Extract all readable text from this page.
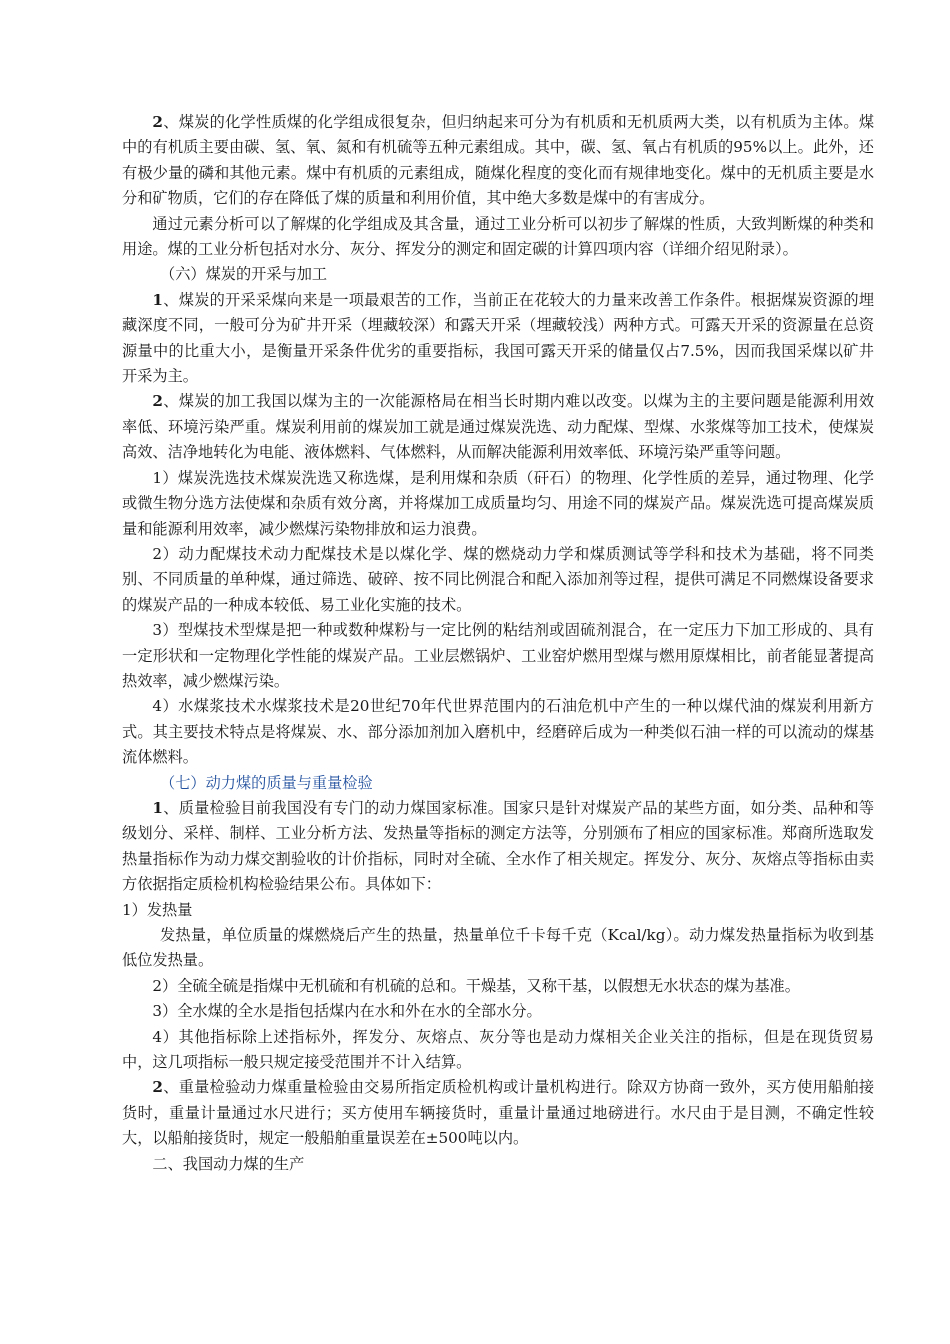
2、煤炭的化学性质煤的化学组成很复杂，但归纳起来可分为有机质和无机质两大类，以有机质为主体。煤中的有机质主要由碳、氢、氧、氮和有机硫等五种元素组成。其中，碳、氢、氧占有机质的95%以上。此外，还有极少量的磷和其他元素。煤中有机质的元素组成，随煤化程度的变化而有规律地变化。煤中的无机质主要是水分和矿物质，它们的存在降低了煤的质量和利用价值，其中绝大多数是煤中的有害成分。

通过元素分析可以了解煤的化学组成及其含量，通过工业分析可以初步了解煤的性质，大致判断煤的种类和用途。煤的工业分析包括对水分、灰分、挥发分的测定和固定碳的计算四项内容（详细介绍见附录）。

（六）煤炭的开采与加工

1、煤炭的开采采煤向来是一项最艰苦的工作，当前正在花较大的力量来改善工作条件。根据煤炭资源的埋藏深度不同，一般可分为矿井开采（埋藏较深）和露天开采（埋藏较浅）两种方式。可露天开采的资源量在总资源量中的比重大小，是衡量开采条件优劣的重要指标，我国可露天开采的储量仅占7.5%，因而我国采煤以矿井开采为主。

2、煤炭的加工我国以煤为主的一次能源格局在相当长时期内难以改变。以煤为主的主要问题是能源利用效率低、环境污染严重。煤炭利用前的煤炭加工就是通过煤炭洗选、动力配煤、型煤、水浆煤等加工技术，使煤炭高效、洁净地转化为电能、液体燃料、气体燃料，从而解决能源利用效率低、环境污染严重等问题。

1）煤炭洗选技术煤炭洗选又称选煤，是利用煤和杂质（矸石）的物理、化学性质的差异，通过物理、化学或微生物分选方法使煤和杂质有效分离，并将煤加工成质量均匀、用途不同的煤炭产品。煤炭洗选可提高煤炭质量和能源利用效率，减少燃煤污染物排放和运力浪费。

2）动力配煤技术动力配煤技术是以煤化学、煤的燃烧动力学和煤质测试等学科和技术为基础，将不同类别、不同质量的单种煤，通过筛选、破碎、按不同比例混合和配入添加剂等过程，提供可满足不同燃煤设备要求的煤炭产品的一种成本较低、易工业化实施的技术。

3）型煤技术型煤是把一种或数种煤粉与一定比例的粘结剂或固硫剂混合，在一定压力下加工形成的、具有一定形状和一定物理化学性能的煤炭产品。工业层燃锅炉、工业窑炉燃用型煤与燃用原煤相比，前者能显著提高热效率，减少燃煤污染。

4）水煤浆技术水煤浆技术是20世纪70年代世界范围内的石油危机中产生的一种以煤代油的煤炭利用新方式。其主要技术特点是将煤炭、水、部分添加剂加入磨机中，经磨碎后成为一种类似石油一样的可以流动的煤基流体燃料。

（七）动力煤的质量与重量检验

1、质量检验目前我国没有专门的动力煤国家标准。国家只是针对煤炭产品的某些方面，如分类、品种和等级划分、采样、制样、工业分析方法、发热量等指标的测定方法等，分别颁布了相应的国家标准。郑商所选取发热量指标作为动力煤交割验收的计价指标，同时对全硫、全水作了相关规定。挥发分、灰分、灰熔点等指标由卖方依据指定质检机构检验结果公布。具体如下：

1）发热量

发热量，单位质量的煤燃烧后产生的热量，热量单位千卡每千克（Kcal/kg）。动力煤发热量指标为收到基低位发热量。

2）全硫全硫是指煤中无机硫和有机硫的总和。干燥基，又称干基，以假想无水状态的煤为基准。

3）全水煤的全水是指包括煤内在水和外在水的全部水分。

4）其他指标除上述指标外，挥发分、灰熔点、灰分等也是动力煤相关企业关注的指标，但是在现货贸易中，这几项指标一般只规定接受范围并不计入结算。

2、重量检验动力煤重量检验由交易所指定质检机构或计量机构进行。除双方协商一致外，买方使用船舶接货时，重量计量通过水尺进行；买方使用车辆接货时，重量计量通过地磅进行。水尺由于是目测，不确定性较大，以船舶接货时，规定一般船舶重量误差在±500吨以内。

二、我国动力煤的生产
